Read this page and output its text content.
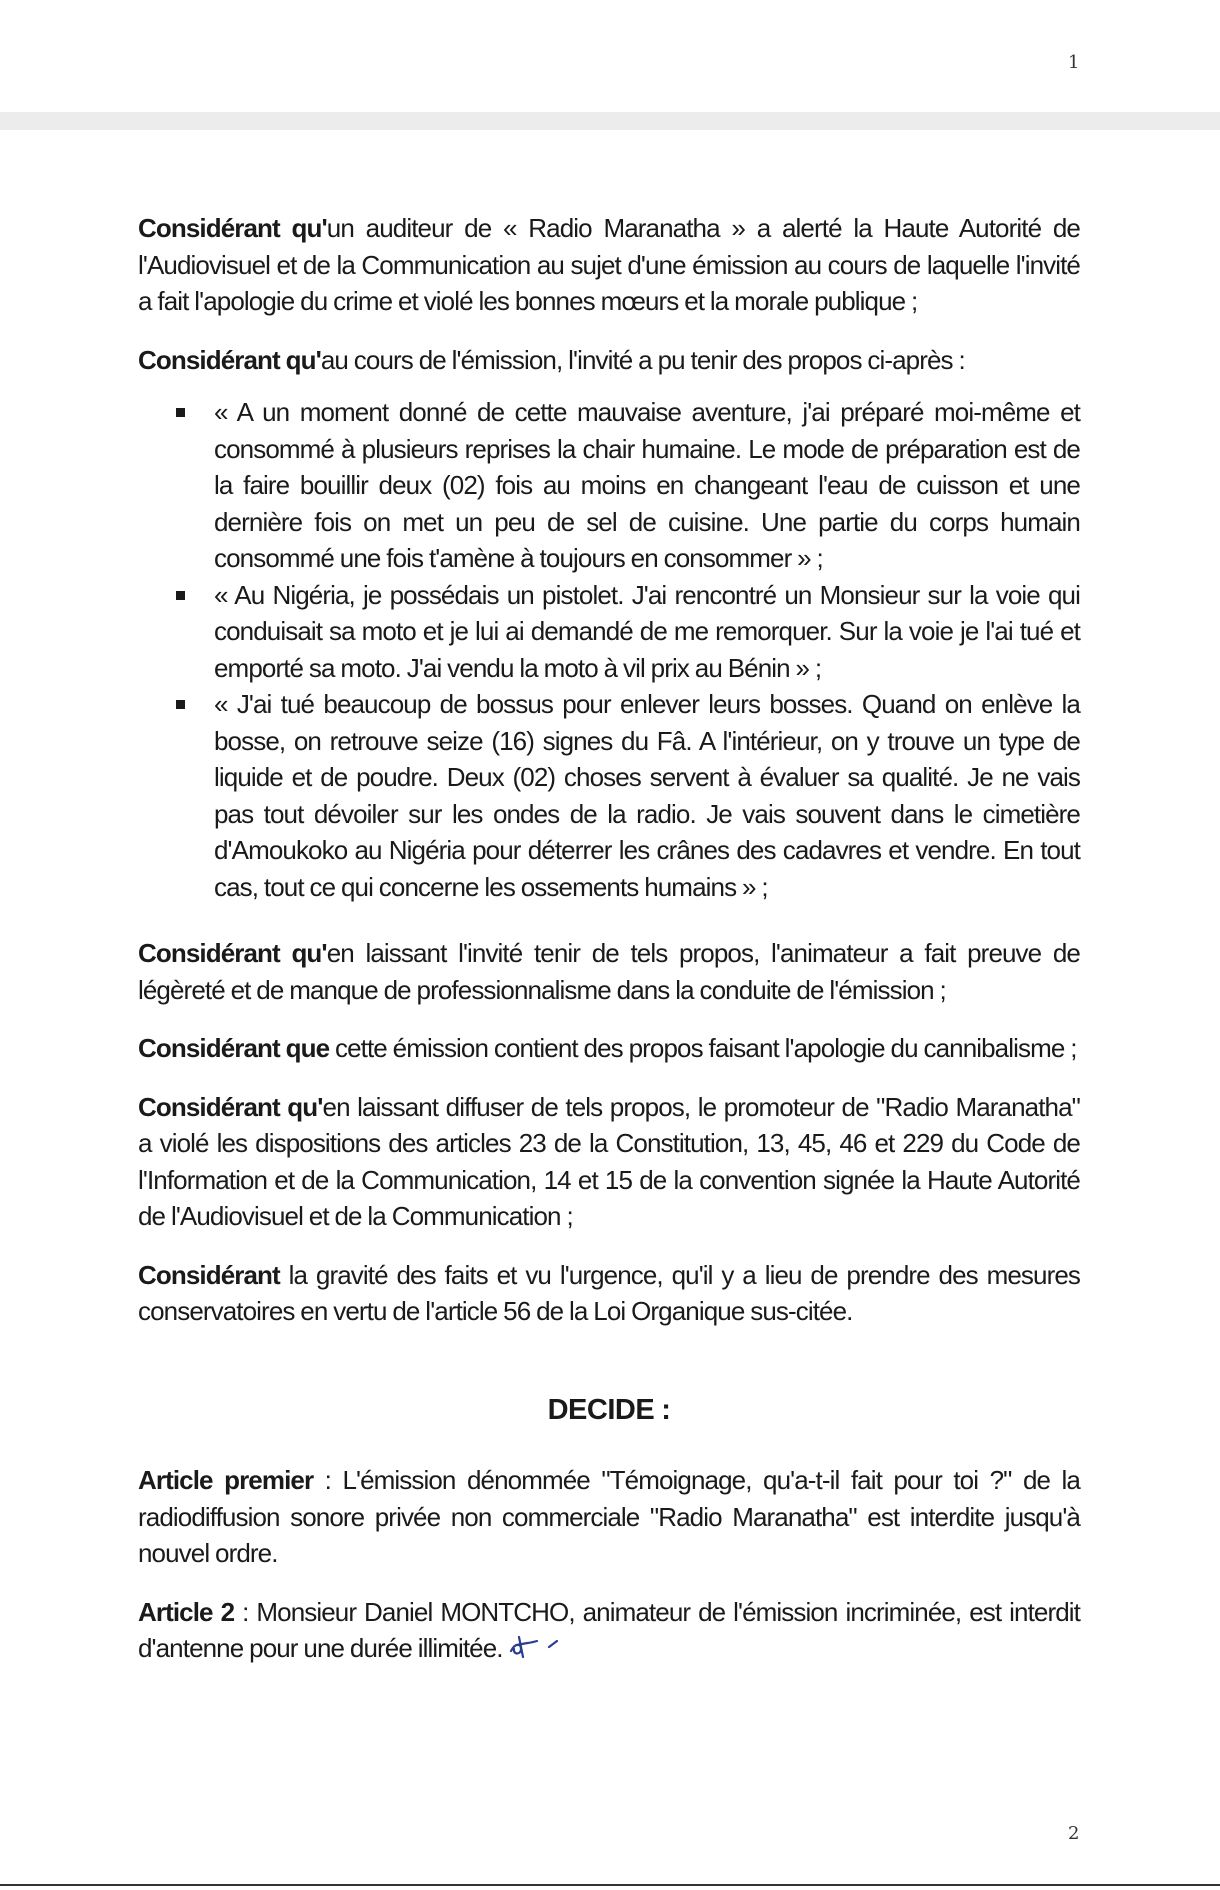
1

Considérant qu'un auditeur de « Radio Maranatha » a alerté la Haute Autorité de l'Audiovisuel et de la Communication au sujet d'une émission au cours de laquelle l'invité a fait l'apologie du crime et violé les bonnes mœurs et la morale publique ;

Considérant qu'au cours de l'émission, l'invité a pu tenir des propos ci-après :

« A un moment donné de cette mauvaise aventure, j'ai préparé moi-même et consommé à plusieurs reprises la chair humaine. Le mode de préparation est de la faire bouillir deux (02) fois au moins en changeant l'eau de cuisson et une dernière fois on met un peu de sel de cuisine. Une partie du corps humain consommé une fois t'amène à toujours en consommer » ;
« Au Nigéria, je possédais un pistolet. J'ai rencontré un Monsieur sur la voie qui conduisait sa moto et je lui ai demandé de me remorquer. Sur la voie je l'ai tué et emporté sa moto. J'ai vendu la moto à vil prix au Bénin » ;
« J'ai tué beaucoup de bossus pour enlever leurs bosses. Quand on enlève la bosse, on retrouve seize (16) signes du Fâ. A l'intérieur, on y trouve un type de liquide et de poudre. Deux (02) choses servent à évaluer sa qualité. Je ne vais pas tout dévoiler sur les ondes de la radio. Je vais souvent dans le cimetière d'Amoukoko au Nigéria pour déterrer les crânes des cadavres et vendre. En tout cas, tout ce qui concerne les ossements humains » ;

Considérant qu'en laissant l'invité tenir de tels propos, l'animateur a fait preuve de légèreté et de manque de professionnalisme dans la conduite de l'émission ;

Considérant que cette émission contient des propos faisant l'apologie du cannibalisme ;

Considérant qu'en laissant diffuser de tels propos, le promoteur de "Radio Maranatha" a violé les dispositions des articles 23 de la Constitution, 13, 45, 46 et 229 du Code de l'Information et de la Communication, 14 et 15 de la convention signée la Haute Autorité de l'Audiovisuel et de la Communication ;

Considérant la gravité des faits et vu l'urgence, qu'il y a lieu de prendre des mesures conservatoires en vertu de l'article 56 de la Loi Organique sus-citée.

DECIDE :

Article premier : L'émission dénommée "Témoignage, qu'a-t-il fait pour toi ?" de la radiodiffusion sonore privée non commerciale "Radio Maranatha" est interdite jusqu'à nouvel ordre.

Article 2 : Monsieur Daniel MONTCHO, animateur de l'émission incriminée, est interdit d'antenne pour une durée illimitée.

2
